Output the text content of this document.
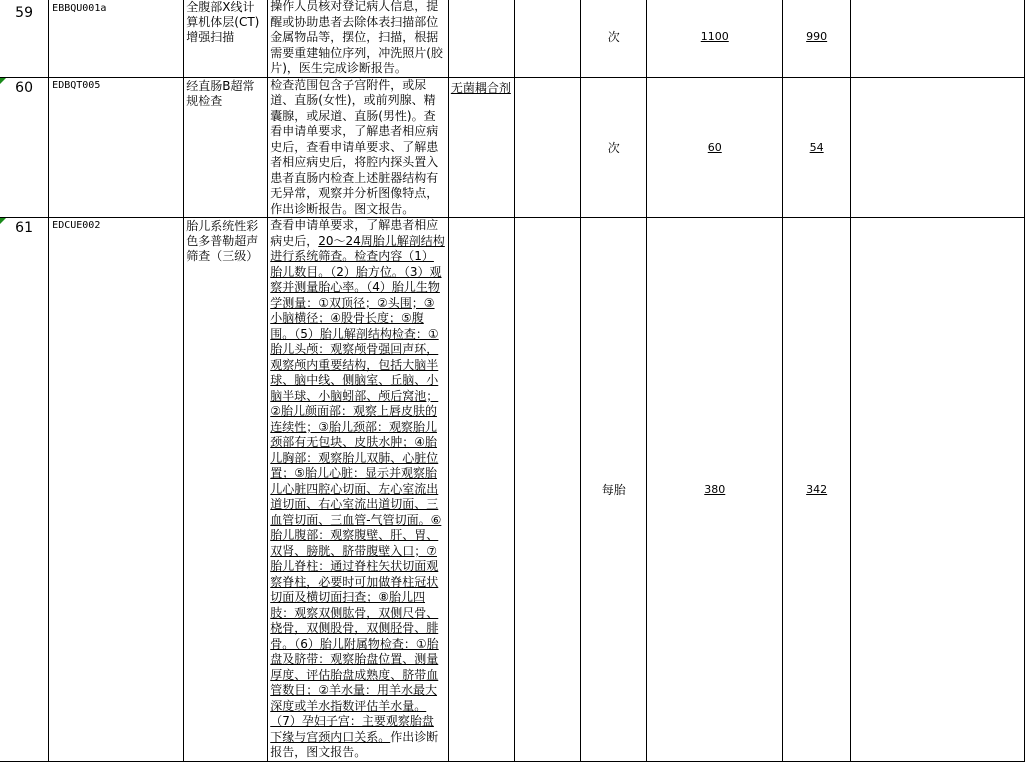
59	EBBQU001a	全腹部X线计算机体层(CT)增强扫描	操作人员核对登记病人信息，提醒或协助患者去除体表扫描部位金属物品等，摆位，扫描，根据需要重建轴位序列，冲洗照片(胶片)，医生完成诊断报告。			次	1100	990	

60	EDBQT005	经直肠B超常规检查	检查范围包含子宫附件，或尿道、直肠(女性)，或前列腺、精囊腺，或尿道、直肠(男性)。查看申请单要求，了解患者相应病史后，查看申请单要求、了解患者相应病史后，将腔内探头置入患者直肠内检查上述脏器结构有无异常，观察并分析图像特点，作出诊断报告。图文报告。	无菌耦合剂		次	60	54	
61	EDCUE002	胎儿系统性彩色多普勒超声筛查（三级）	查看申请单要求，了解患者相应病史后，20～24周胎儿解剖结构进行系统筛查。检查内容（1）胎儿数目。（2）胎方位。（3）观察并测量胎心率。（4）胎儿生物学测量：①双顶径；②头围；③小脑横径；④股骨长度；⑤腹围。（5）胎儿解剖结构检查：①胎儿头颅：观察颅骨强回声环，观察颅内重要结构，包括大脑半球、脑中线、侧脑室、丘脑、小脑半球、小脑蚓部、颅后窝池；②胎儿颜面部：观察上唇皮肤的连续性；③胎儿颈部：观察胎儿颈部有无包块、皮肤水肿；④胎儿胸部：观察胎儿双肺、心脏位置；⑤胎儿心脏：显示并观察胎儿心脏四腔心切面、左心室流出道切面、右心室流出道切面、三血管切面、三血管-气管切面。⑥胎儿腹部：观察腹壁、肝、胃、双肾、膀胱、脐带腹壁入口；⑦胎儿脊柱：通过脊柱矢状切面观察脊柱，必要时可加做脊柱冠状切面及横切面扫查；⑧胎儿四肢：观察双侧肱骨，双侧尺骨、桡骨，双侧股骨，双侧胫骨、腓骨。（6）胎儿附属物检查：①胎盘及脐带：观察胎盘位置、测量厚度、评估胎盘成熟度、脐带血管数目；②羊水量：用羊水最大深度或羊水指数评估羊水量。（7）孕妇子宫：主要观察胎盘下缘与宫颈内口关系。作出诊断报告，图文报告。			每胎	380	342	
